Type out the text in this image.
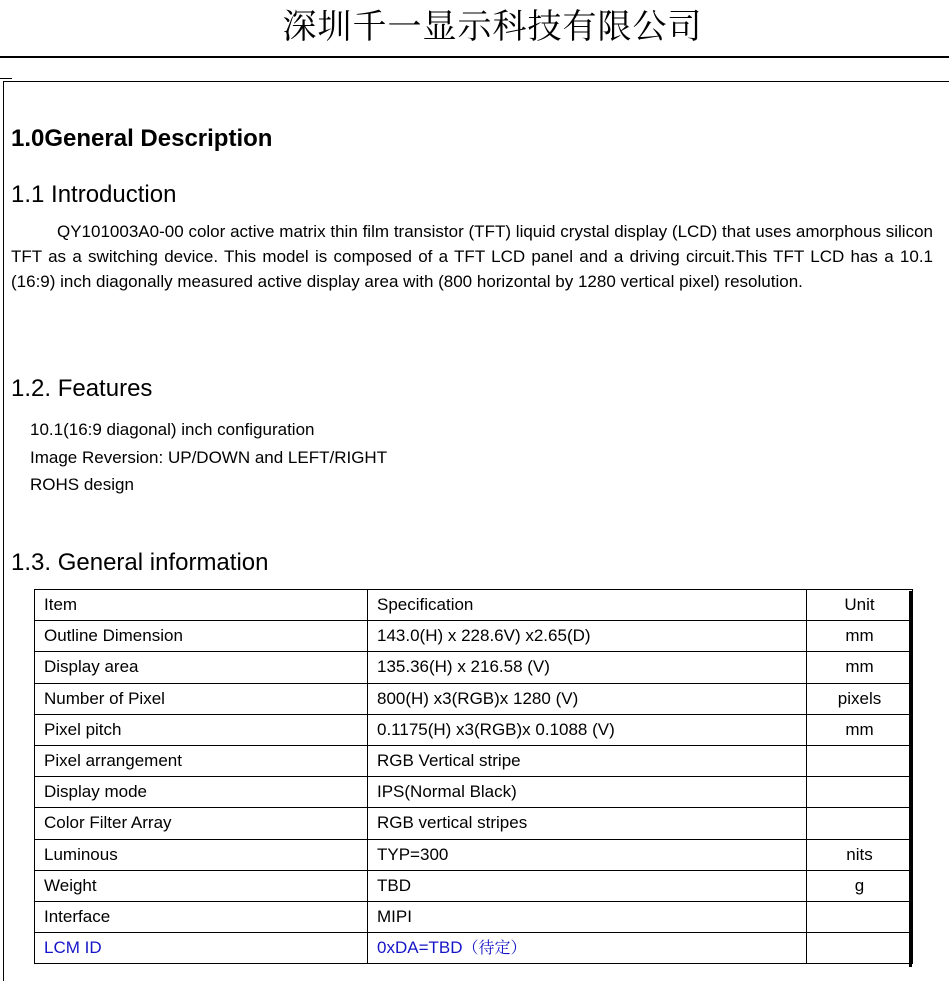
深圳千一显示科技有限公司
1.0General Description
1.1 Introduction
QY101003A0-00 color active matrix thin film transistor (TFT) liquid crystal display (LCD) that uses amorphous silicon TFT as a switching device. This model is composed of a TFT LCD panel and a driving circuit.This TFT LCD has a 10.1 (16:9) inch diagonally measured active display area with (800 horizontal by 1280 vertical pixel) resolution.
1.2. Features
10.1(16:9 diagonal) inch configuration
Image Reversion: UP/DOWN and LEFT/RIGHT
ROHS design
1.3. General information
Item	Specification	Unit
Outline Dimension	143.0(H) x 228.6V) x2.65(D)	mm
Display area	135.36(H) x 216.58 (V)	mm
Number of Pixel	800(H) x3(RGB)x 1280 (V)	pixels
Pixel pitch	0.1175(H) x3(RGB)x 0.1088 (V)	mm
Pixel arrangement	RGB Vertical stripe	
Display mode	IPS(Normal Black)	
Color Filter Array	RGB vertical stripes	
Luminous	TYP=300	nits
Weight	TBD	g
Interface	MIPI	
LCM ID	0xDA=TBD（待定）	
